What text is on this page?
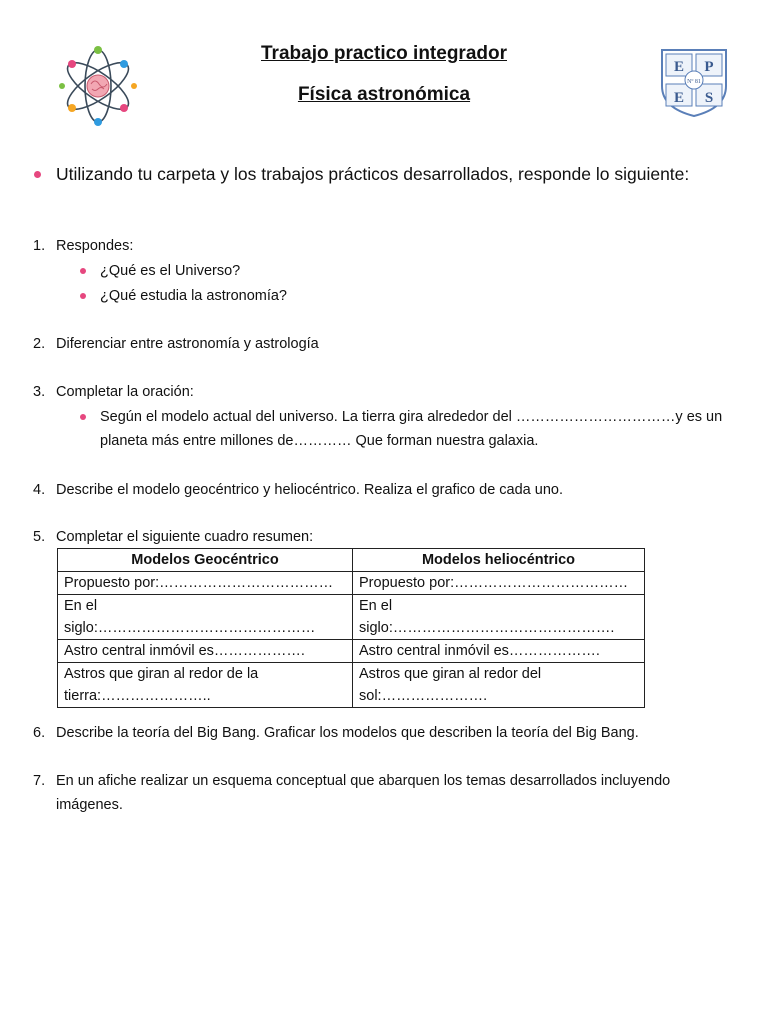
E P
E S
Nº 81
Trabajo practico integrador
Física astronómica
Utilizando tu carpeta y los trabajos prácticos desarrollados, responde lo siguiente:
1. Respondes:
¿Qué es el Universo?
¿Qué estudia la astronomía?
2. Diferenciar entre astronomía y astrología
3. Completar la oración:
Según el modelo actual del universo. La tierra gira alrededor del ……………………………y es un
planeta más entre millones de………… Que forman nuestra galaxia.
4. Describe el modelo geocéntrico y heliocéntrico. Realiza el grafico de cada uno.
5. Completar el siguiente cuadro resumen:
Modelos Geocéntrico	Modelos heliocéntrico
Propuesto por:………………………………	Propuesto por:………………………………
En el siglo:………………………………………	En el siglo:……………………………………….
Astro central inmóvil es……………….	Astro central inmóvil es……………….
Astros que giran al redor de la tierra:…………………..	Astros que giran al redor del sol:………………….
6. Describe la teoría del Big Bang. Graficar los modelos que describen la teoría del Big Bang.
7. En un afiche realizar un esquema conceptual que abarquen los temas desarrollados incluyendo
imágenes.
